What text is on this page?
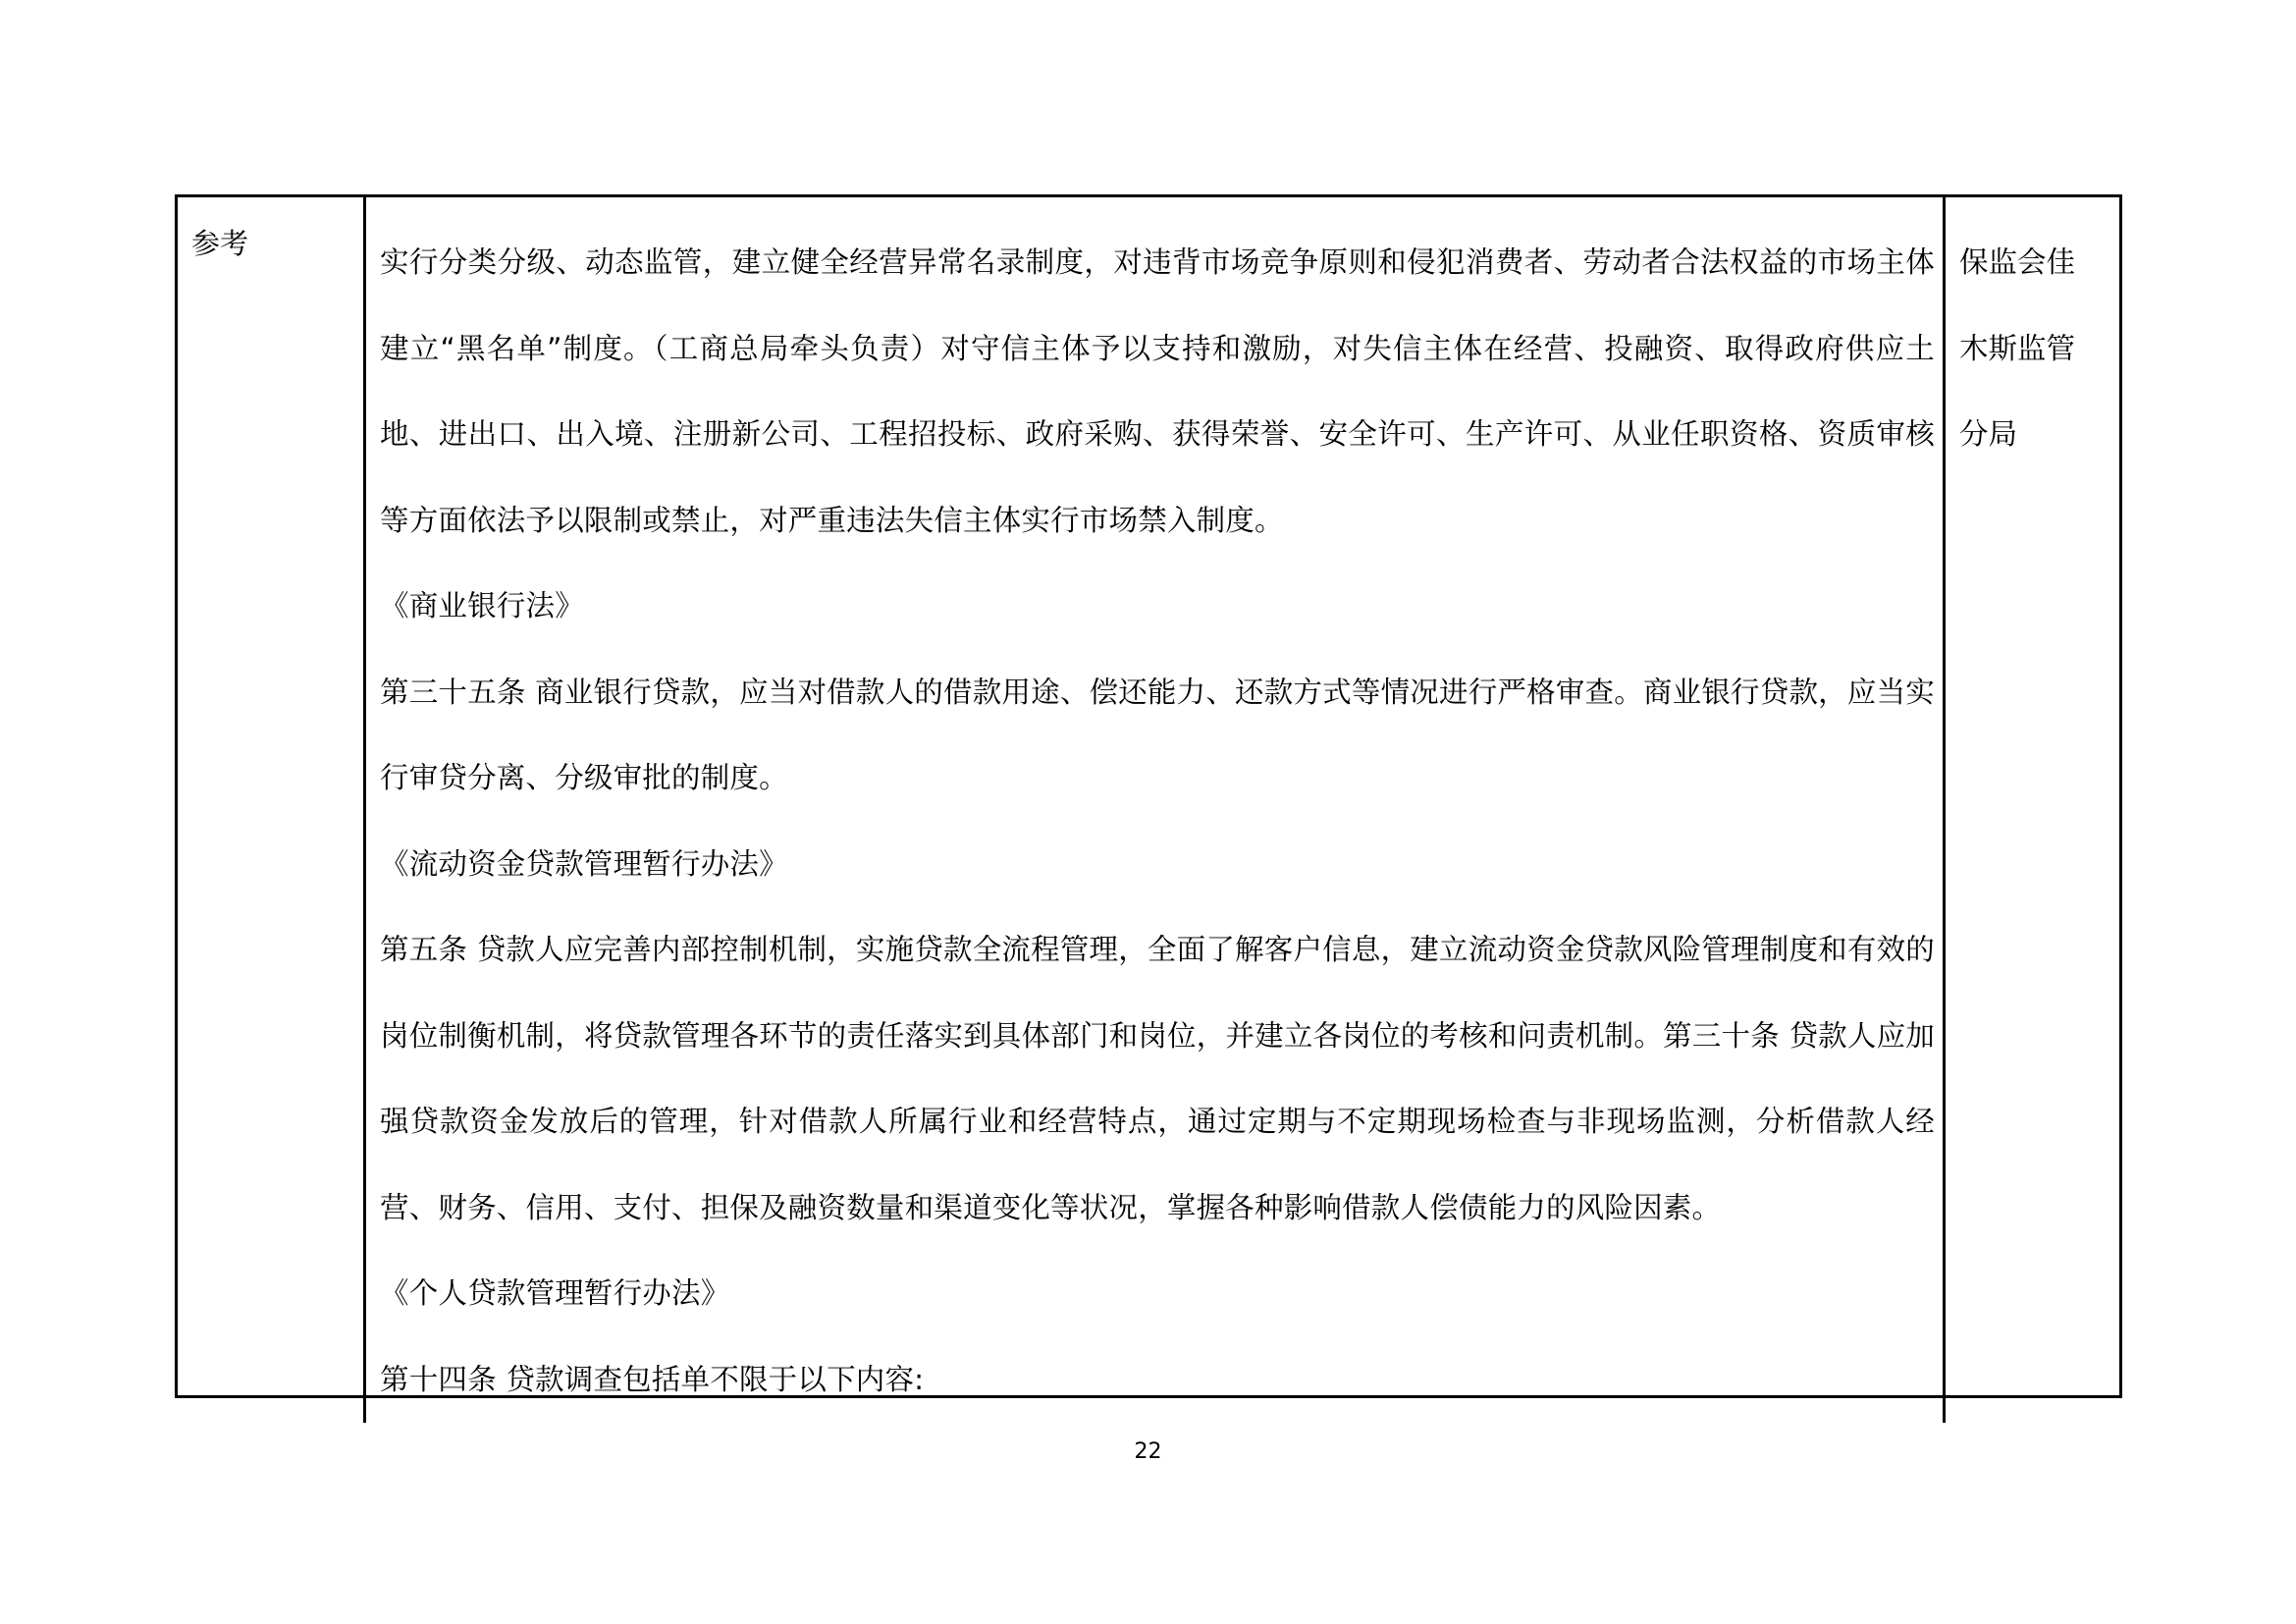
参考

实行分类分级、动态监管，建立健全经营异常名录制度，对违背市场竞争原则和侵犯消费者、劳动者合法权益的市场主体建立“黑名单”制度。（工商总局牵头负责）对守信主体予以支持和激励，对失信主体在经营、投融资、取得政府供应土地、进出口、出入境、注册新公司、工程招投标、政府采购、获得荣誉、安全许可、生产许可、从业任职资格、资质审核等方面依法予以限制或禁止，对严重违法失信主体实行市场禁入制度。

《商业银行法》

第三十五条 商业银行贷款，应当对借款人的借款用途、偿还能力、还款方式等情况进行严格审查。商业银行贷款，应当实行审贷分离、分级审批的制度。

《流动资金贷款管理暂行办法》

第五条 贷款人应完善内部控制机制，实施贷款全流程管理，全面了解客户信息，建立流动资金贷款风险管理制度和有效的岗位制衡机制，将贷款管理各环节的责任落实到具体部门和岗位，并建立各岗位的考核和问责机制。第三十条 贷款人应加强贷款资金发放后的管理，针对借款人所属行业和经营特点，通过定期与不定期现场检查与非现场监测，分析借款人经营、财务、信用、支付、担保及融资数量和渠道变化等状况，掌握各种影响借款人偿债能力的风险因素。

《个人贷款管理暂行办法》

第十四条 贷款调查包括单不限于以下内容:

保监会佳木斯监管分局
22
